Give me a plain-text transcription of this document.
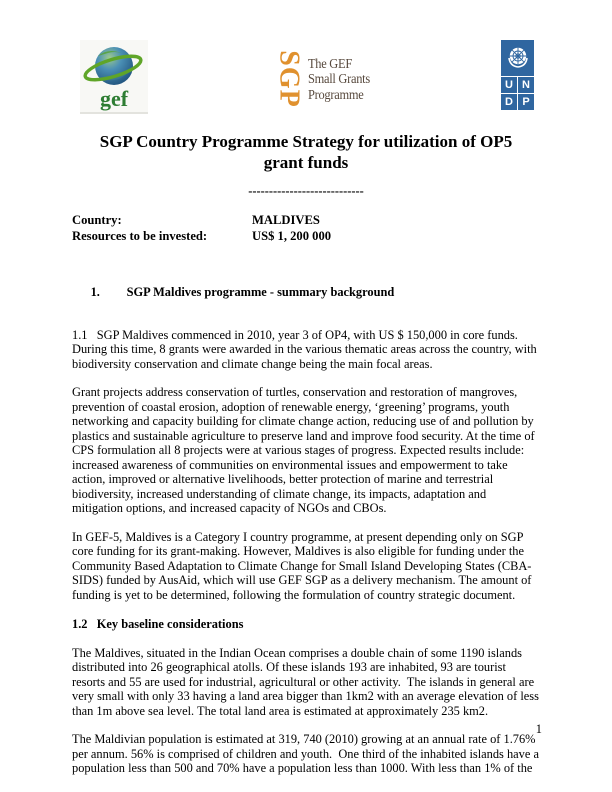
gef	SGP The GEF
Small Grants
Programme
U N
D P
SGP Country Programme Strategy for utilization of OP5 grant funds
----------------------------
Country:	MALDIVES
Resources to be invested:	US$ 1, 200 000

1. SGP Maldives programme - summary background

1.1   SGP Maldives commenced in 2010, year 3 of OP4, with US $ 150,000 in core funds. During this time, 8 grants were awarded in the various thematic areas across the country, with biodiversity conservation and climate change being the main focal areas.
Grant projects address conservation of turtles, conservation and restoration of mangroves, prevention of coastal erosion, adoption of renewable energy, ‘greening’ programs, youth networking and capacity building for climate change action, reducing use of and pollution by plastics and sustainable agriculture to preserve land and improve food security. At the time of CPS formulation all 8 projects were at various stages of progress. Expected results include: increased awareness of communities on environmental issues and empowerment to take action, improved or alternative livelihoods, better protection of marine and terrestrial biodiversity, increased understanding of climate change, its impacts, adaptation and mitigation options, and increased capacity of NGOs and CBOs.
In GEF-5, Maldives is a Category I country programme, at present depending only on SGP core funding for its grant-making. However, Maldives is also eligible for funding under the Community Based Adaptation to Climate Change for Small Island Developing States (CBA-SIDS) funded by AusAid, which will use GEF SGP as a delivery mechanism. The amount of funding is yet to be determined, following the formulation of country strategic document.
1.2   Key baseline considerations
The Maldives, situated in the Indian Ocean comprises a double chain of some 1190 islands distributed into 26 geographical atolls. Of these islands 193 are inhabited, 93 are tourist resorts and 55 are used for industrial, agricultural or other activity.  The islands in general are very small with only 33 having a land area bigger than 1km2 with an average elevation of less than 1m above sea level. The total land area is estimated at approximately 235 km2.
The Maldivian population is estimated at 319, 740 (2010) growing at an annual rate of 1.76% per annum. 56% is comprised of children and youth.  One third of the inhabited islands have a population less than 500 and 70% have a population less than 1000. With less than 1% of the
1
